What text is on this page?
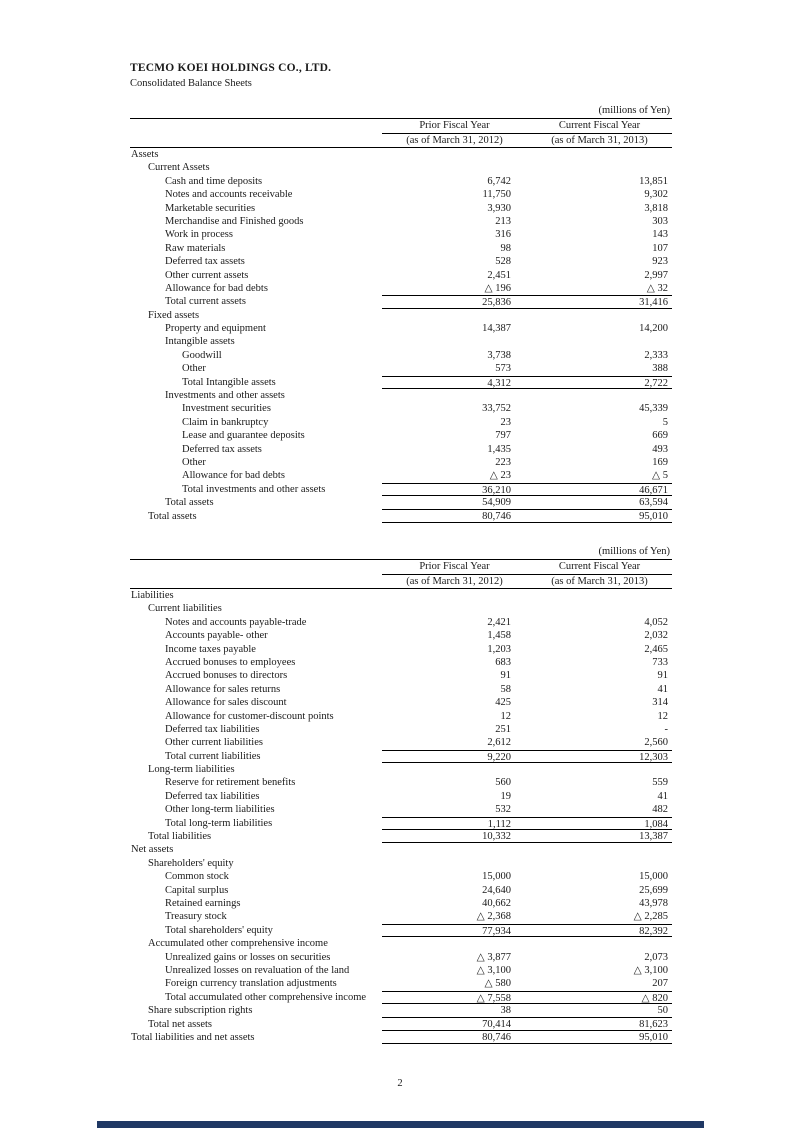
TECMO KOEI HOLDINGS CO., LTD.
Consolidated Balance Sheets
(millions of Yen)
Prior Fiscal Year	Current Fiscal Year
(as of March 31, 2012)	(as of March 31, 2013)
Assets
Current Assets
Cash and time deposits	6,742	13,851
Notes and accounts receivable	11,750	9,302
Marketable securities	3,930	3,818
Merchandise and Finished goods	213	303
Work in process	316	143
Raw materials	98	107
Deferred tax assets	528	923
Other current assets	2,451	2,997
Allowance for bad debts	△ 196	△ 32
Total current assets	25,836	31,416
Fixed assets
Property and equipment	14,387	14,200
Intangible assets
Goodwill	3,738	2,333
Other	573	388
Total Intangible assets	4,312	2,722
Investments and other assets
Investment securities	33,752	45,339
Claim in bankruptcy	23	5
Lease and guarantee deposits	797	669
Deferred tax assets	1,435	493
Other	223	169
Allowance for bad debts	△ 23	△ 5
Total investments and other assets	36,210	46,671
Total assets	54,909	63,594
Total assets	80,746	95,010
(millions of Yen)
Prior Fiscal Year	Current Fiscal Year
(as of March 31, 2012)	(as of March 31, 2013)
Liabilities
Current liabilities
Notes and accounts payable-trade	2,421	4,052
Accounts payable- other	1,458	2,032
Income taxes payable	1,203	2,465
Accrued bonuses to employees	683	733
Accrued bonuses to directors	91	91
Allowance for sales returns	58	41
Allowance for sales discount	425	314
Allowance for customer-discount points	12	12
Deferred tax liabilities	251	-
Other current liabilities	2,612	2,560
Total current liabilities	9,220	12,303
Long-term liabilities
Reserve for retirement benefits	560	559
Deferred tax liabilities	19	41
Other long-term liabilities	532	482
Total long-term liabilities	1,112	1,084
Total liabilities	10,332	13,387
Net assets
Shareholders' equity
Common stock	15,000	15,000
Capital surplus	24,640	25,699
Retained earnings	40,662	43,978
Treasury stock	△ 2,368	△ 2,285
Total shareholders' equity	77,934	82,392
Accumulated other comprehensive income
Unrealized gains or losses on securities	△ 3,877	2,073
Unrealized losses on revaluation of the land	△ 3,100	△ 3,100
Foreign currency translation adjustments	△ 580	207
Total accumulated other comprehensive income	△ 7,558	△ 820
Share subscription rights	38	50
Total net assets	70,414	81,623
Total liabilities and net assets	80,746	95,010
2
